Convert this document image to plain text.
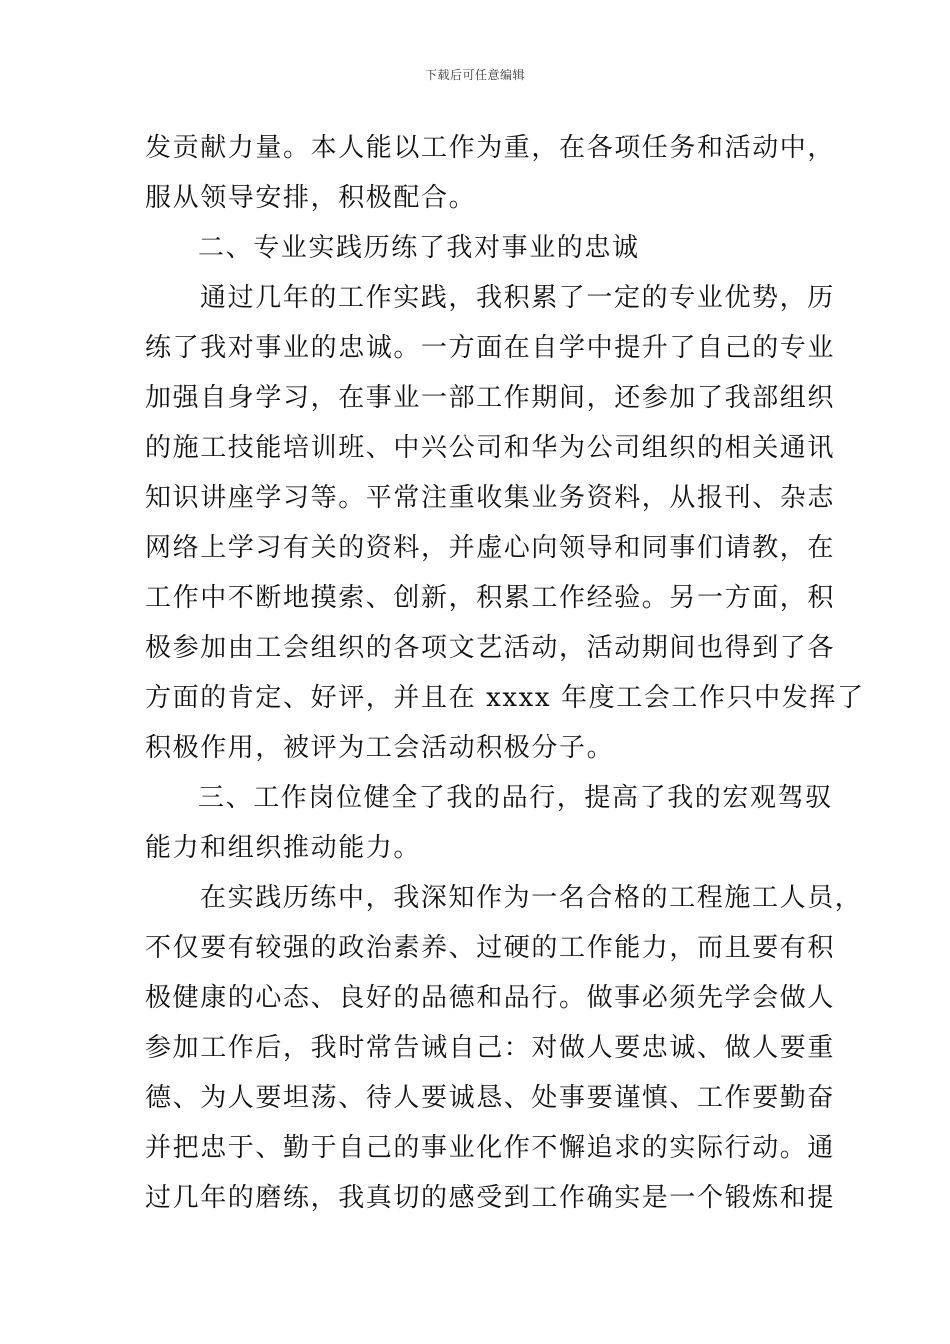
下载后可任意编辑
发贡献力量。本人能以工作为重，在各项任务和活动中，
服从领导安排，积极配合。
二、专业实践历练了我对事业的忠诚
通过几年的工作实践，我积累了一定的专业优势，历
练了我对事业的忠诚。一方面在自学中提升了自己的专业
加强自身学习，在事业一部工作期间，还参加了我部组织
的施工技能培训班、中兴公司和华为公司组织的相关通讯
知识讲座学习等。平常注重收集业务资料，从报刊、杂志
网络上学习有关的资料，并虚心向领导和同事们请教，在
工作中不断地摸索、创新，积累工作经验。另一方面，积
极参加由工会组织的各项文艺活动，活动期间也得到了各
方面的肯定、好评，并且在 xxxx 年度工会工作只中发挥了
积极作用，被评为工会活动积极分子。
三、工作岗位健全了我的品行，提高了我的宏观驾驭
能力和组织推动能力。
在实践历练中，我深知作为一名合格的工程施工人员，
不仅要有较强的政治素养、过硬的工作能力，而且要有积
极健康的心态、良好的品德和品行。做事必须先学会做人
参加工作后，我时常告诫自己：对做人要忠诚、做人要重
德、为人要坦荡、待人要诚恳、处事要谨慎、工作要勤奋
并把忠于、勤于自己的事业化作不懈追求的实际行动。通
过几年的磨练，我真切的感受到工作确实是一个锻炼和提
